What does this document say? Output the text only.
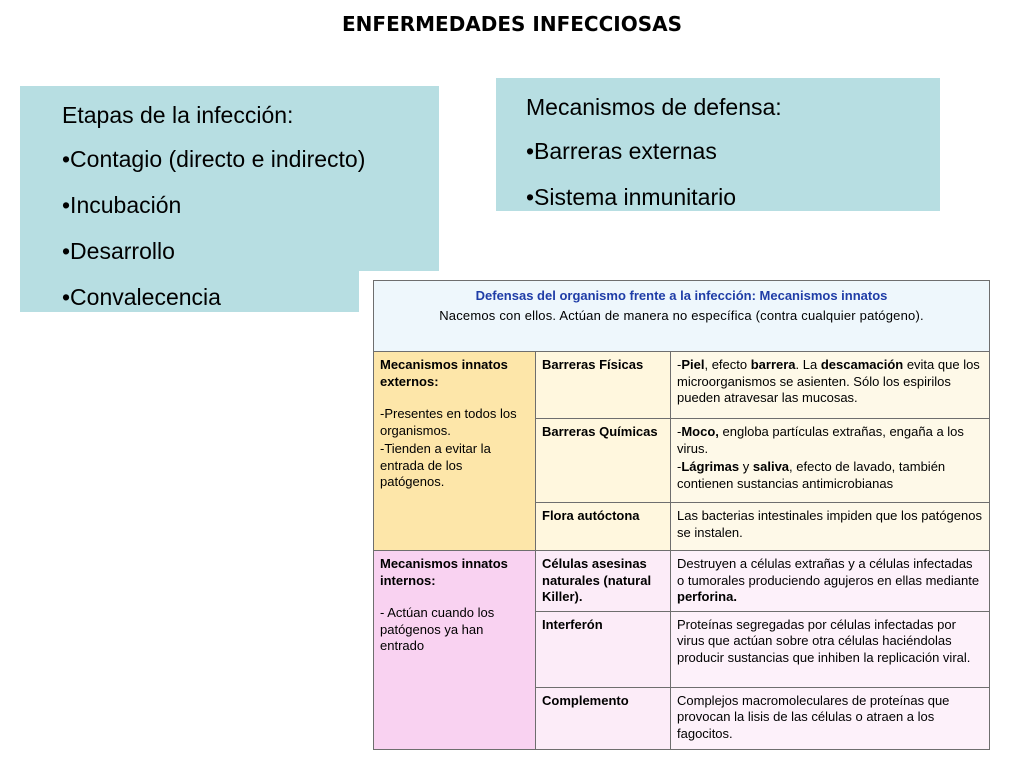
ENFERMEDADES INFECCIOSAS
Etapas de la infección:
•Contagio (directo e indirecto)
•Incubación
•Desarrollo
•Convalecencia
Mecanismos de defensa:
•Barreras externas
•Sistema inmunitario
Defensas del organismo frente a la infección: Mecanismos innatos
Nacemos con ellos. Actúan de manera no específica (contra cualquier patógeno).		

Mecanismos innatos externos:
-Presentes en todos los organismos.
-Tienden a evitar la entrada de los patógenos.	Barreras Físicas	-Piel, efecto barrera. La descamación evita que los microorganismos se asienten. Sólo los espirilos pueden atravesar las mucosas.
	Barreras Químicas	-Moco, engloba partículas extrañas, engaña a los virus.
-Lágrimas y saliva, efecto de lavado, también contienen sustancias antimicrobianas

	Flora autóctona	Las bacterias intestinales impiden que los patógenos se instalen.

Mecanismos innatos internos:
- Actúan cuando los patógenos ya han entrado	Células asesinas naturales (natural Killer).	Destruyen a células extrañas y a células infectadas o tumorales produciendo agujeros en ellas mediante perforina.
	Interferón	Proteínas segregadas por células infectadas por virus que actúan sobre otra células haciéndolas producir sustancias que inhiben la replicación viral.
	Complemento	Complejos macromoleculares de proteínas que provocan la lisis de las células o atraen a los fagocitos.
